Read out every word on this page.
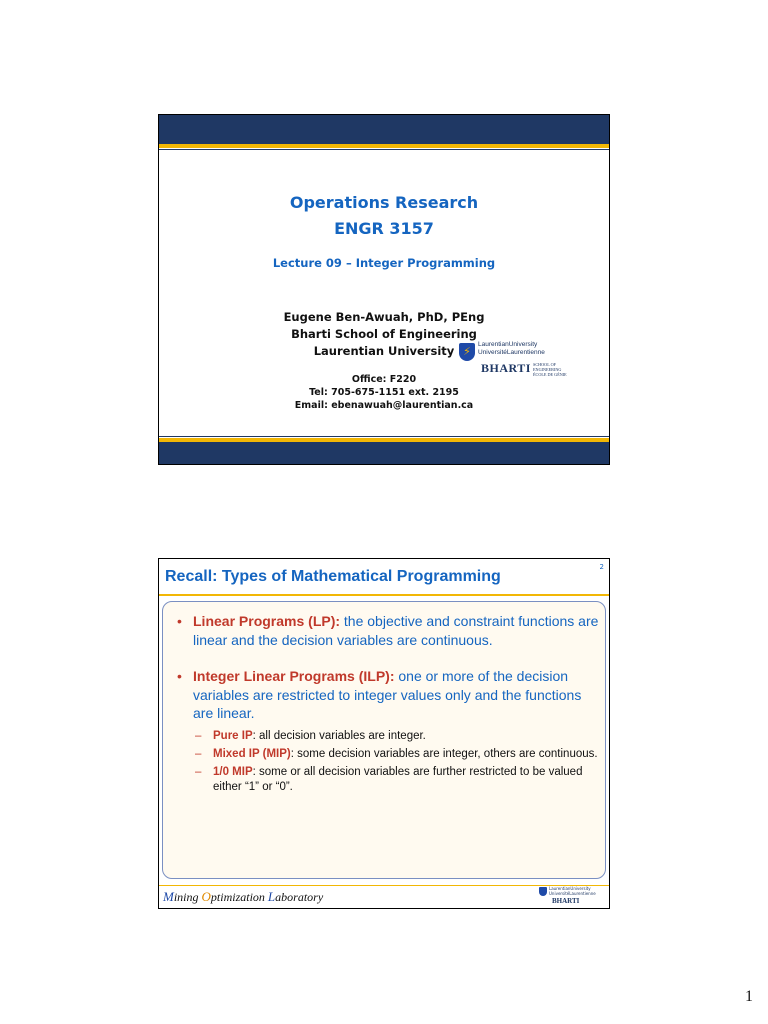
Operations Research
ENGR 3157
Lecture 09 – Integer Programming
Eugene Ben-Awuah, PhD, PEng
Bharti School of Engineering
Laurentian University ⚡
LaurentianUniversity
UniversitéLaurentienne
BHARTI SCHOOL OF ENGINEERING
ÉCOLE DE GÉNIE
Office: F220
Tel: 705-675-1151 ext. 2195
Email: ebenawuah@laurentian.ca
Recall: Types of Mathematical Programming
2
• Linear Programs (LP): the objective and constraint functions are linear and the decision variables are continuous.
• Integer Linear Programs (ILP): one or more of the decision variables are restricted to integer values only and the functions are linear.
– Pure IP: all decision variables are integer.
– Mixed IP (MIP): some decision variables are integer, others are continuous.
– 1/0 MIP: some or all decision variables are further restricted to be valued either “1” or “0”.
Mining Optimization Laboratory
LaurentianUniversity
UniversitéLaurentienne
BHARTI
1
